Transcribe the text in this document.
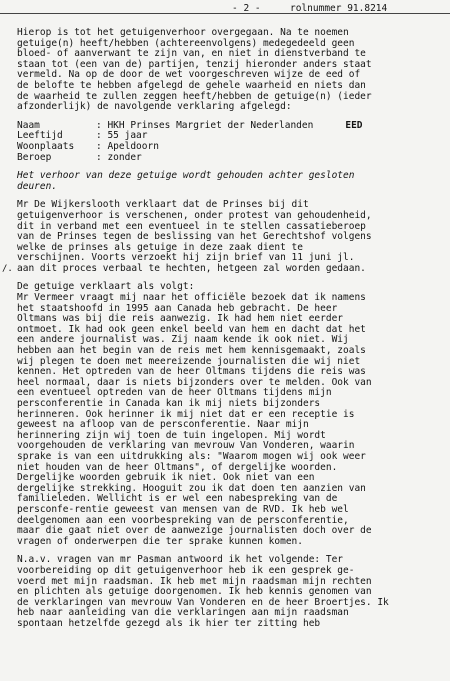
- 2 -	rolnummer 91.8214
Hierop is tot het getuigenverhoor overgegaan. Na te noemen
getuige(n) heeft/hebben (achtereenvolgens) medegedeeld geen
bloed- of aanverwant te zijn van, en niet in dienstverband te
staan tot (een van de) partijen, tenzij hieronder anders staat
vermeld. Na op de door de wet voorgeschreven wijze de eed of
de belofte te hebben afgelegd de gehele waarheid en niets dan
de waarheid te zullen zeggen heeft/hebben de getuige(n) (ieder
afzonderlijk) de navolgende verklaring afgelegd:
Naam	: HKH Prinses Margriet der Nederlanden	EED
Leeftijd	: 55 jaar
Woonplaats : Apeldoorn
Beroep	: zonder
Het verhoor van deze getuige wordt gehouden achter gesloten
deuren.
Mr De Wijkerslooth verklaart dat de Prinses bij dit
getuigenverhoor is verschenen, onder protest van gehoudenheid,
dit in verband met een eventueel in te stellen cassatieberoep
van de Prinses tegen de beslissing van het Gerechtshof volgens
welke de prinses als getuige in deze zaak dient te
verschijnen. Voorts verzoekt hij zijn brief van 11 juni jl.
/. aan dit proces verbaal te hechten, hetgeen zal worden gedaan.
De getuige verklaart als volgt:
Mr Vermeer vraagt mij naar het officiële bezoek dat ik namens
het staatshoofd in 1995 aan Canada heb gebracht. De heer
Oltmans was bij die reis aanwezig. Ik had hem niet eerder
ontmoet. Ik had ook geen enkel beeld van hem en dacht dat het
een andere journalist was. Zij naam kende ik ook niet. Wij
hebben aan het begin van de reis met hem kennisgemaakt, zoals
wij plegen te doen met meereizende journalisten die wij niet
kennen. Het optreden van de heer Oltmans tijdens die reis was
heel normaal, daar is niets bijzonders over te melden. Ook van
een eventueel optreden van de heer Oltmans tijdens mijn
persconferentie in Canada kan ik mij niets bijzonders
herinneren. Ook herinner ik mij niet dat er een receptie is
geweest na afloop van de persconferentie. Naar mijn
herinnering zijn wij toen de tuin ingelopen. Mij wordt
voorgehouden de verklaring van mevrouw Van Vonderen, waarin
sprake is van een uitdrukking als: "Waarom mogen wij ook weer
niet houden van de heer Oltmans", of dergelijke woorden.
Dergelijke woorden gebruik ik niet. Ook niet van een
dergelijke strekking. Hooguit zou ik dat doen ten aanzien van
familieleden. Wellicht is er wel een nabespreking van de
persconfe-rentie geweest van mensen van de RVD. Ik heb wel
deelgenomen aan een voorbespreking van de persconferentie,
maar die gaat niet over de aanwezige journalisten doch over de
vragen of onderwerpen die ter sprake kunnen komen.
N.a.v. vragen van mr Pasman antwoord ik het volgende: Ter
voorbereiding op dit getuigenverhoor heb ik een gesprek ge-
voerd met mijn raadsman. Ik heb met mijn raadsman mijn rechten
en plichten als getuige doorgenomen. Ik heb kennis genomen van
de verklaringen van mevrouw Van Vonderen en de heer Broertjes. Ik
heb naar aanleiding van die verklaringen aan mijn raadsman
spontaan hetzelfde gezegd als ik hier ter zitting heb
